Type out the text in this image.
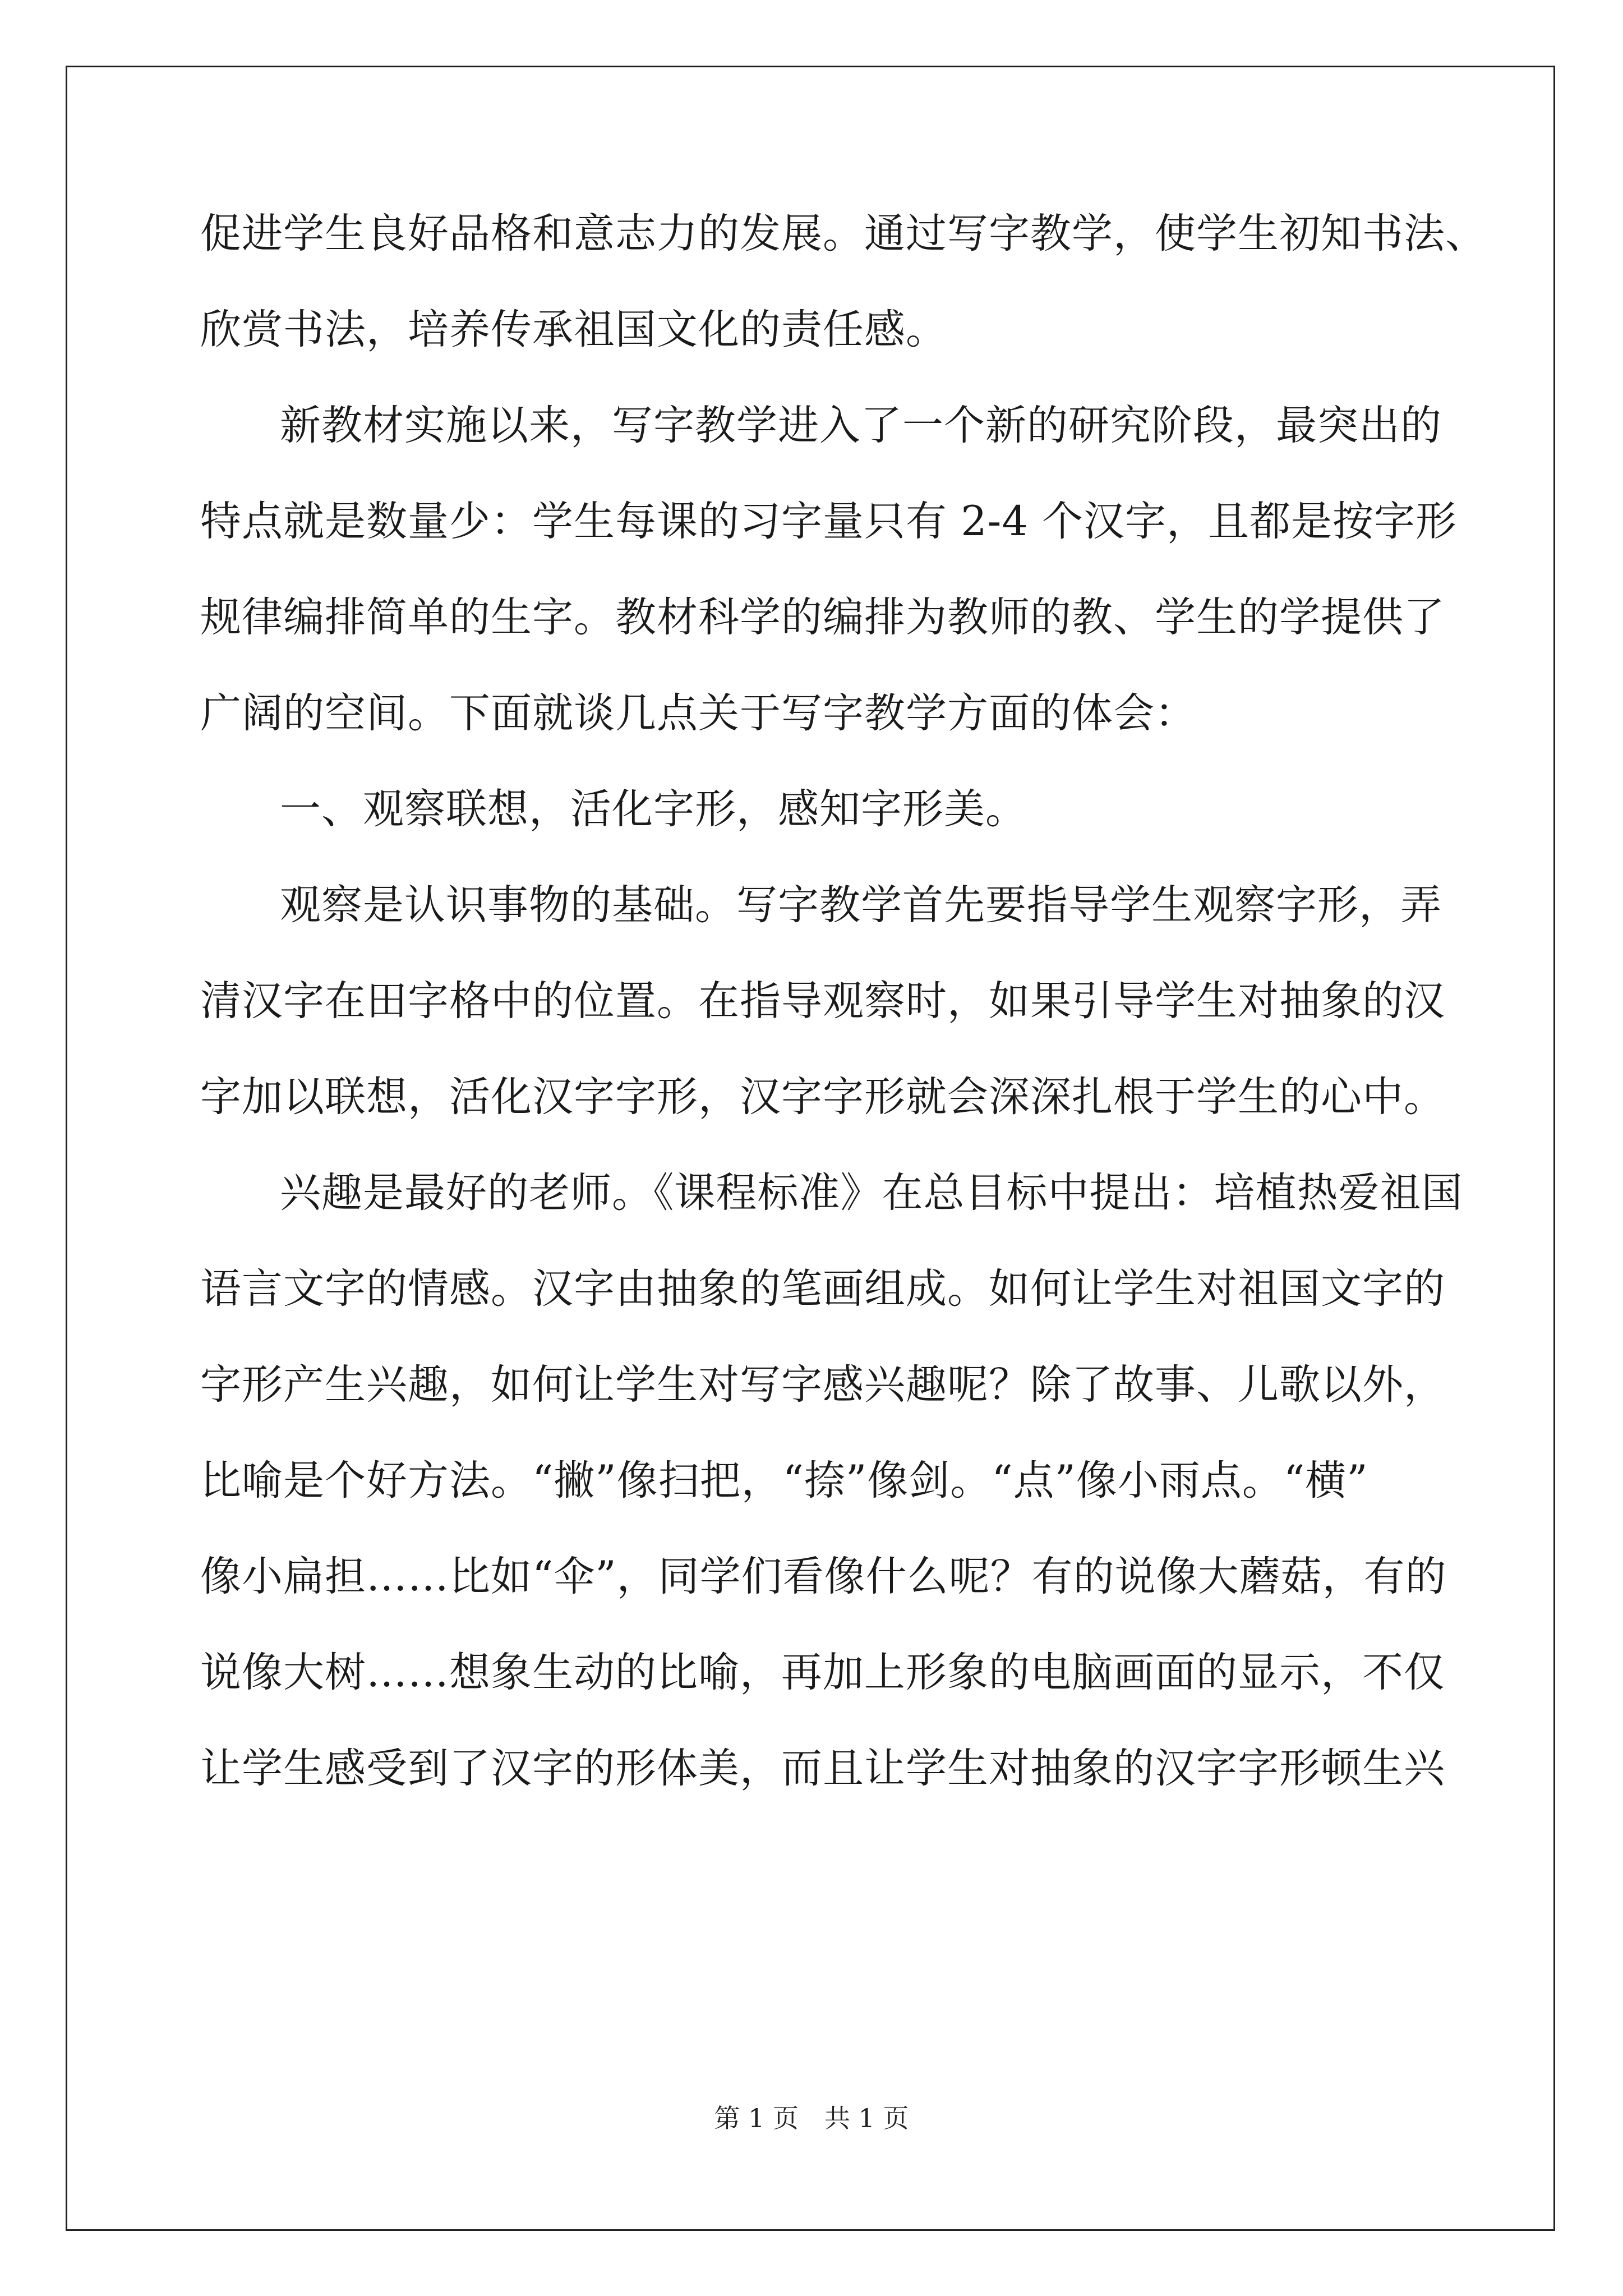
促进学生良好品格和意志力的发展。通过写字教学，使学生初知书法、
欣赏书法，培养传承祖国文化的责任感。
新教材实施以来，写字教学进入了一个新的研究阶段，最突出的
特点就是数量少：学生每课的习字量只有 2-4 个汉字，且都是按字形
规律编排简单的生字。教材科学的编排为教师的教、学生的学提供了
广阔的空间。下面就谈几点关于写字教学方面的体会：
一、观察联想，活化字形，感知字形美。
观察是认识事物的基础。写字教学首先要指导学生观察字形，弄
清汉字在田字格中的位置。在指导观察时，如果引导学生对抽象的汉
字加以联想，活化汉字字形，汉字字形就会深深扎根于学生的心中。
兴趣是最好的老师。《课程标准》在总目标中提出：培植热爱祖国
语言文字的情感。汉字由抽象的笔画组成。如何让学生对祖国文字的
字形产生兴趣，如何让学生对写字感兴趣呢？除了故事、儿歌以外，
比喻是个好方法。“撇”像扫把，“捺”像剑。“点”像小雨点。“横”
像小扁担……比如“伞”，同学们看像什么呢？有的说像大蘑菇，有的
说像大树……想象生动的比喻，再加上形象的电脑画面的显示，不仅
让学生感受到了汉字的形体美，而且让学生对抽象的汉字字形顿生兴
第 1 页 共 1 页
